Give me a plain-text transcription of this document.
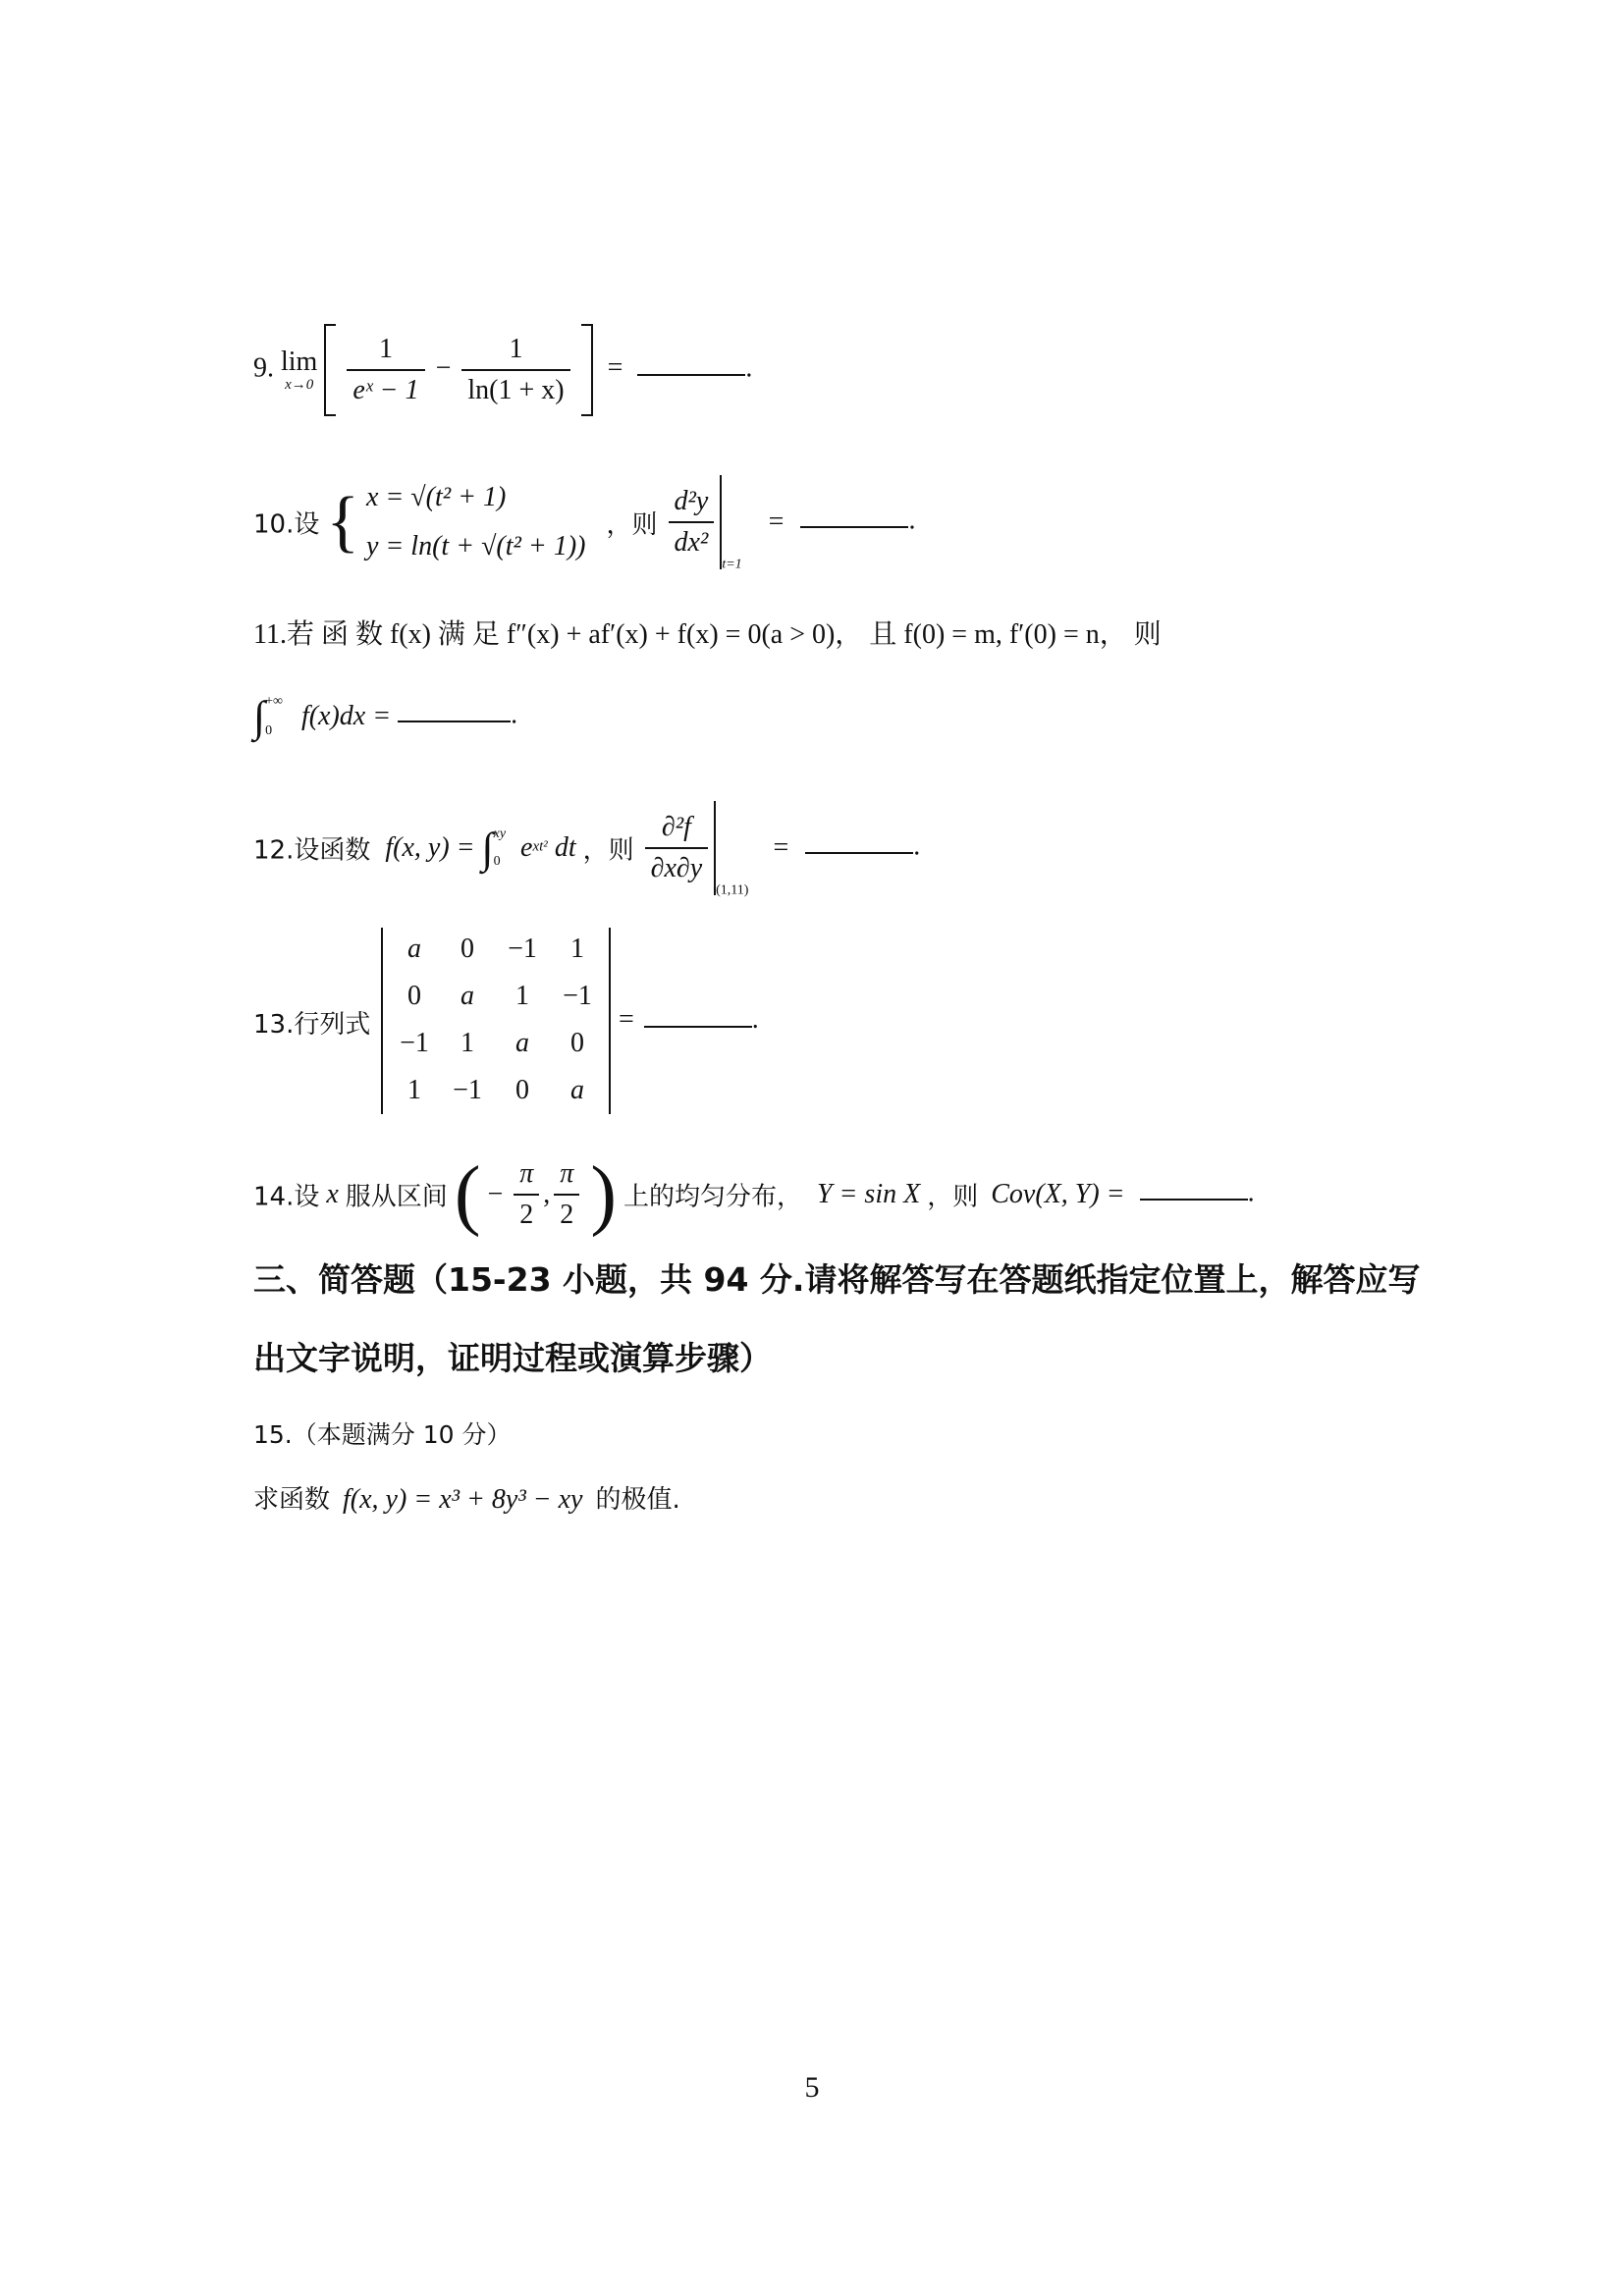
9. lim
x→0
$\frac{1}{\text{eˣ − 1}} - \frac{1}{\ln(1 + x)}$ =	.
10.设 { x = √(t² + 1)
y = ln(t + √(t² + 1))
，则 $\frac{\text{d²y}}{\text{dx²}}$
$_{t=1}$ =	.
11.若 函 数 f(x) 满 足 f″(x) + af′(x) + f(x) = 0(a > 0)， 且 f(0) = m, f′(0) = n， 则
∫ +∞
0	f(x)dx =	.
12.设函数 f(x, y) = ∫ xy
0 $e^{xt^2}$ dt ，则 $\frac{\text{∂²f}}{\partial x\partial y}$
$_{(1,11)}$ =	.
13.行列式
a	0	−1	1
0	a	1	−1
−1	1	a	0
1	−1	0	a
=	.
14.设 x 服从区间 ( − $\frac{\pi}{2}$ , $\frac{\pi}{2}$ ) 上的均匀分布， Y = sin X ，则 Cov(X, Y) =	.
三、简答题（15-23 小题，共 94 分.请将解答写在答题纸指定位置上，解答应写
出文字说明，证明过程或演算步骤）
15.（本题满分 10 分）
求函数 f(x, y) = x³ + 8y³ − xy 的极值.
5
